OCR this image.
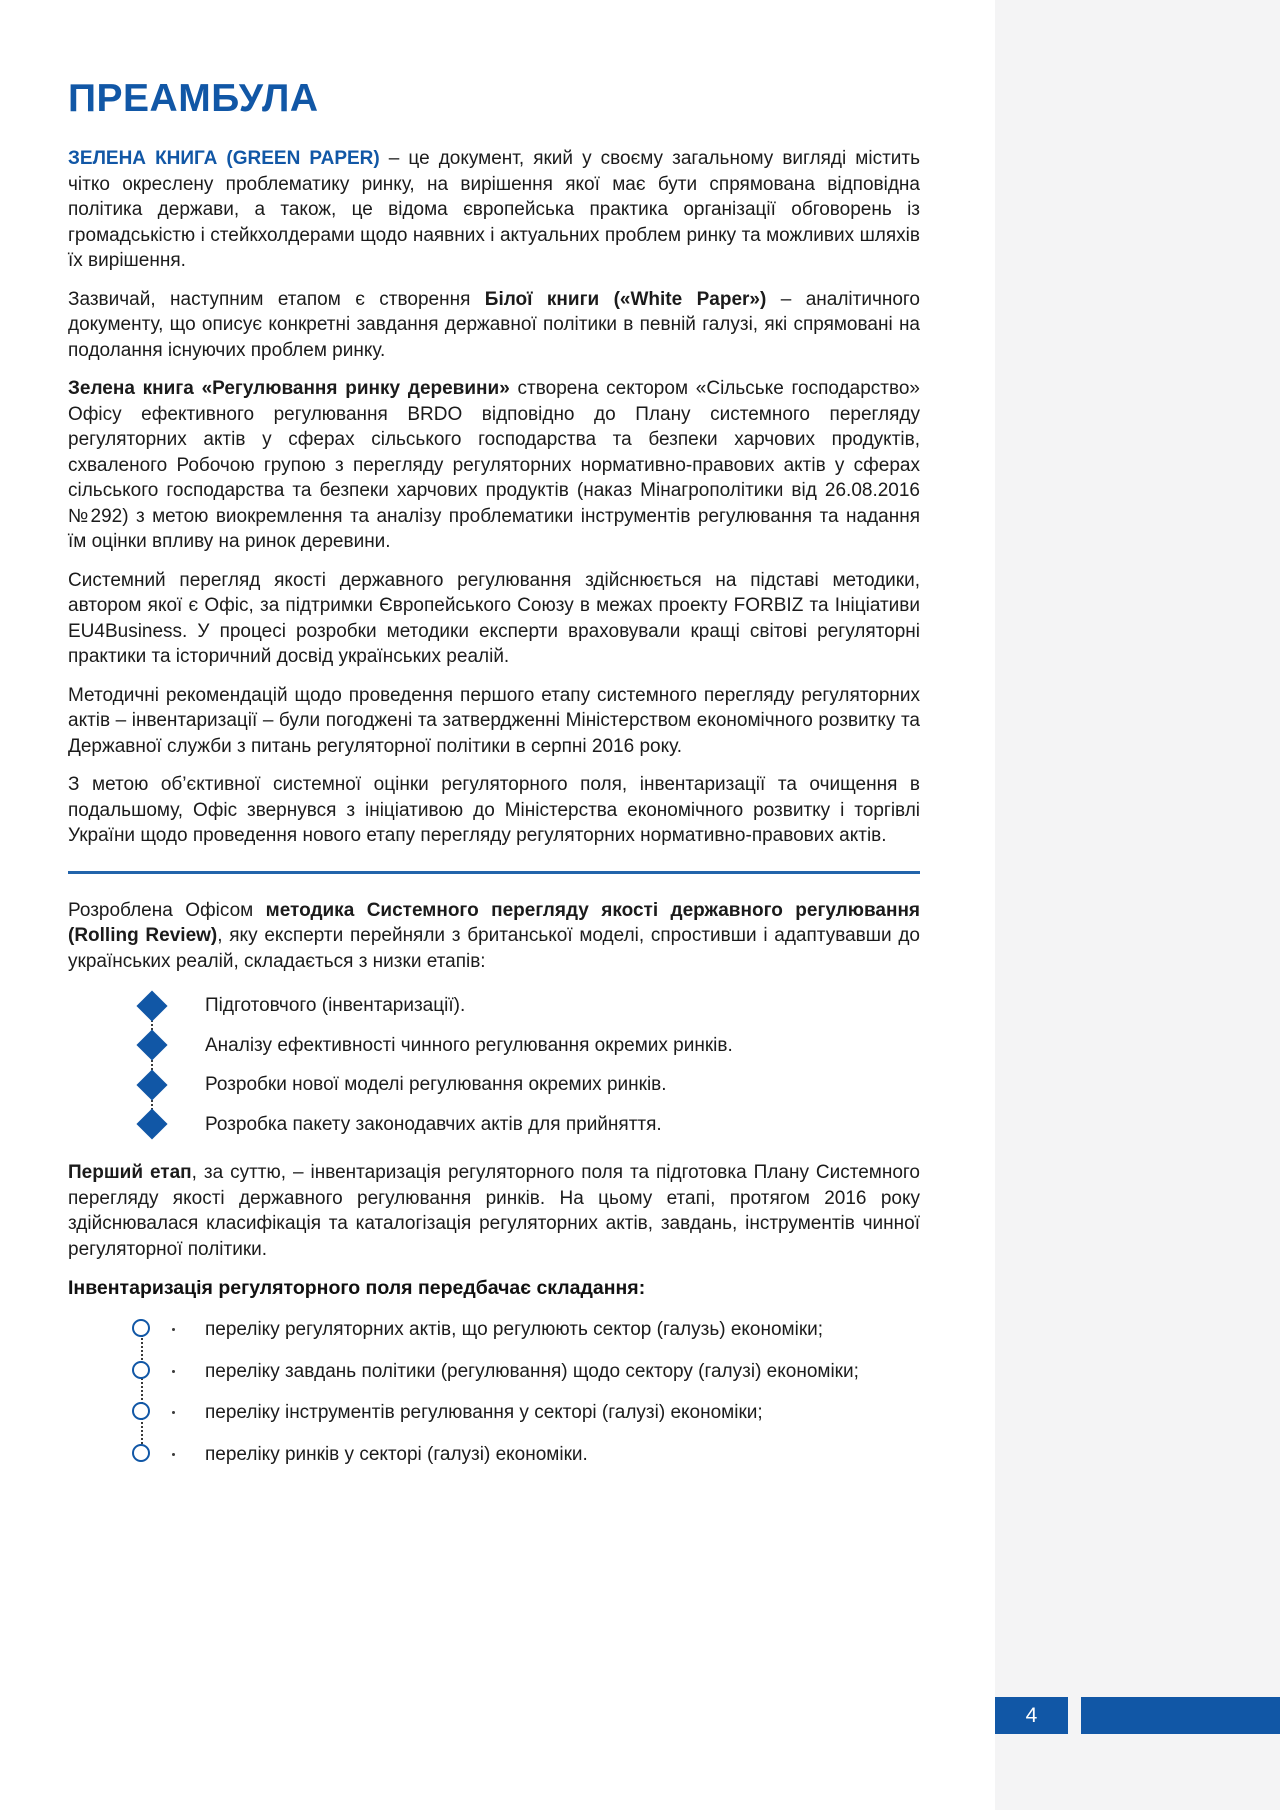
4
ПРЕАМБУЛА

ЗЕЛЕНА КНИГА (GREEN PAPER) – це документ, який у своєму загальному вигляді містить чітко окреслену проблематику ринку, на вирішення якої має бути спрямована відповідна політика держави, а також, це відома європейська практика організації обговорень із громадськістю і стейкхолдерами щодо наявних і актуальних проблем ринку та можливих шляхів їх вирішення.

Зазвичай, наступним етапом є створення Білої книги («White Paper») – аналітичного документу, що описує конкретні завдання державної політики в певній галузі, які спрямовані на подолання існуючих проблем ринку.

Зелена книга «Регулювання ринку деревини» створена сектором «Сільське господарство» Офісу ефективного регулювання BRDO відповідно до Плану системного перегляду регуляторних актів у сферах сільського господарства та безпеки харчових продуктів, схваленого Робочою групою з перегляду регуляторних нормативно-правових актів у сферах сільського господарства та безпеки харчових продуктів (наказ Мінагрополітики від 26.08.2016 №292) з метою виокремлення та аналізу проблематики інструментів регулювання та надання їм оцінки впливу на ринок деревини.

Системний перегляд якості державного регулювання здійснюється на підставі методики, автором якої є Офіс, за підтримки Європейського Союзу в межах проекту FORBIZ та Ініціативи EU4Business. У процесі розробки методики експерти враховували кращі світові регуляторні практики та історичний досвід українських реалій.

Методичні рекомендацій щодо проведення першого етапу системного перегляду регуляторних актів – інвентаризації – були погоджені та затвердженні Міністерством економічного розвитку та Державної служби з питань регуляторної політики в серпні 2016 року.

З метою об’єктивної системної оцінки регуляторного поля, інвентаризації та очищення в подальшому, Офіс звернувся з ініціативою до Міністерства економічного розвитку і торгівлі України щодо проведення нового етапу перегляду регуляторних нормативно-правових актів.

Розроблена Офісом методика Системного перегляду якості державного регулювання (Rolling Review), яку експерти перейняли з британської моделі, спростивши і адаптувавши до українських реалій, складається з низки етапів:

Підготовчого (інвентаризації).
Аналізу ефективності чинного регулювання окремих ринків.
Розробки нової моделі регулювання окремих ринків.
Розробка пакету законодавчих актів для прийняття.

Перший етап, за суттю, – інвентаризація регуляторного поля та підготовка Плану Системного перегляду якості державного регулювання ринків. На цьому етапі, протягом 2016 року здійснювалася класифікація та каталогізація регуляторних актів, завдань, інструментів чинної регуляторної політики.

Інвентаризація регуляторного поля передбачає складання:
переліку регуляторних актів, що регулюють сектор (галузь) економіки;
переліку завдань політики (регулювання) щодо сектору (галузі) економіки;
переліку інструментів регулювання у секторі (галузі) економіки;
переліку ринків у секторі (галузі) економіки.
